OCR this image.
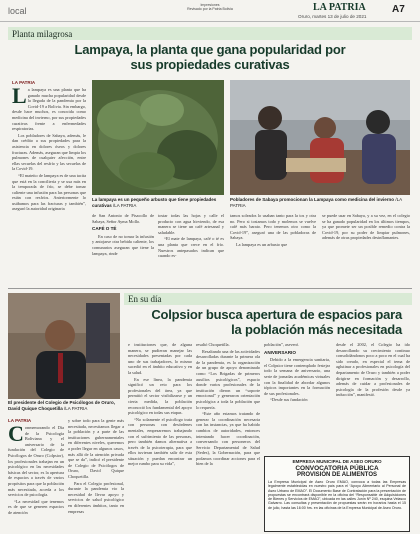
local
Impresiones
Revisado por la Patria Bolivia	LA PATRIA
Oruro, martes 13 de julio de 2021
A7
Planta milagrosa
Lampaya, la planta que gana popularidad por sus propiedades curativas
LA PATRIA
L a lampaya es una planta que ha ganado mucha popularidad desde la llegada de la pandemia por la Covid-19 a Bolivia. Sin embargo, desde hace muchos, es conocida como medicina del invierno, por sus propiedades curativas frente a enfermedades respiratorias.

Los pobladores de Sabaya, además, le dan crédito a sus propiedades para la asistencia en dolores óseos y dolores fracturas. Además, aseguran que limpia los pulmones de cualquier afección, entre ellas secuelas del resfrío y las secuelas de la Covid-19.

“El mateito de lampaya es de una tacita que está en la conciliería y se usa más en la temporada de frío, se debe tomar caliente una infusión para las personas que están con resfríos. Anteriormente lo usábamos para las fracturas y también”, aseguró la autoridad originaria

La lampaya es un pequeño arbusto que tiene propiedades curativas /LA PATRIA

de San Antonio de Pisacollo de Sabaya, Señor Ayma Mollo.

CAFÉ O TÉ

En caso de no tomar la infusión y antojarse otra bebida caliente, los comunarios aseguran que tiene la lampaya, rinde

tostar todas las hojas y calle el producto con agua hirviendo, de esa manera se tiene un café artesanal y saludable.

“El mate de lampaya, café o té es una planta que crece en el frío. Nuestros antepasados indican que cuando es-

Pobladores de Sabaya promocionan la Lampaya como medicina del invierno /LA PATRIA

tamos soleados lo usaban tanto para la tos y otra no. Pero si tostamos todo y molemos se vuelve café más barato. Pero tenemos otro como la Covid-19”, aseguró una de las pobladoras de Sabaya.

La lampaya es un arbusto que

se puede usar en Sabaya, y a su vez, en el colegio se ha ganado popularidad en los últimos tiempos, ya que promete ser un posible remedio contra la Covid-19, por su poder de limpiar pulmones, además de otras propiedades desinflamantes.

El presidente del Colegio de Psicólogos de Oruro, David Quique Choquetilla /LA PATRIA
En su día
Colpsior busca apertura de espacios para la población más necesitada
LA PATRIA
C onmemorando el Día de la Psicología Boliviana y el aniversario de la fundación del Colegio de Psicólogos de Oruro (Colpsior), los profesionales trabajan en un psicológico en las necesidades básicas del sector, es la apertura de espacios a través de varios propósitos para que la población más necesitada, acceda a los servicios de psicología.

“La necesidad que tenemos es de que se generen espacios de atención

y sobre todo para la gente más necesitada, necesitamos llegar a la población y a parte de las instituciones gubernamentales en diferentes niveles, queremos a poder llegar en algunos casos, más allá de la atención privada que se da”, indicó el presidente de Colegio de Psicólogos de Oruro, David Quique Choquetilla.

Para el Colegio profesional, durante la pandemia vio la necesidad de llevar apoyo y servicios de salud psicológico en diferentes ámbitos, tanto en empresas

e instituciones que, de alguna manera, se pudieran manejar las necesidades presentadas por cada uno de sus trabajadores, lo mismo sucedió en el ámbito educativo y en la salud.

En ese línea, la pandemia significó un reto para los profesionales del área, ya que permitió el sector visibilizarse y un cierta medida, la población reconoció los fundamental del apoyo psicológico en todas sus etapas.

“No solamente el psicólogo trata con personas con desórdenes mentales, empezaremos trabajando con el sufrimiento de las personas, pero también damos alternativa a través de la psicoterapia, para que ellos tuvieran también salir de esta situación y puedan encontrar un mejor rumbo para su vida”,

resaltó Choquetilla.

Resaltando una de las actividades desarrolladas durante la primera ola de la pandemia, es la organización de un grupo de apoyo denominado como “Los Brigadas de primeros auxilios psicológicos”, espacio donde varios profesionales de la institución dieron un “soporte emocional” y generaron orientación psicológica a toda la población que lo requería.

“Este año estamos tratando de generar la coordinación necesaria con las instancias, ya que ha habido cambios de autoridades, entonces intentando hacer coordinación, conversando con personeros del Servicio Departamental de Salud (Sedes), la Gobernación, para que podamos coordinar acciones para el bien de la

población”, aseveró.

ANIVERSARIO

Debido a la emergencia sanitaria, el Colpsior tiene contemplado festejar todo la semana de aniversario, una serie de jornadas académicas virtuales con la finalidad de abordar algunos tópicos importantes en la formación de sus profesionales.

“Desde sus fundación

desde el 2002, el Colegio ha ido desarrollando su crecimiento continuo consolidándonos poco a poco en el cual ha sido creado, en especial el tema de aglutinar a profesionales en psicología del departamento de Oruro y también a poder dirigirse en formación y desarrollo, además de cuidar a profesionales de psicología de la profesión desde ya inducción”, manifestó.

EMPRESA MUNICIPAL DE ASEO ORURO
CONVOCATORIA PÚBLICA
PROVISIÓN DE ALIMENTOS
La Empresa Municipal de Aseo Oruro EMAO, convoca a todas las Empresas legalmente establecidas en nuestro país para el “Apoyo Alimentario al Personal de Aseo Urbano de EMAO”. El Documento Base de Contratación para la presentación de propuestas se encontrará disponible en la oficina del “Responsable de Adquisiciones de Bienes y Servicios de EMAO”, ubicada en las calles Junín Nº 240, esquina Velasco Galvarro. Las consultas y presentación de propuestas serán en horarios hasta el 15 de julio, hasta las 16:00 hrs. en las oficinas de la Empresa Municipal de Aseo Oruro.
